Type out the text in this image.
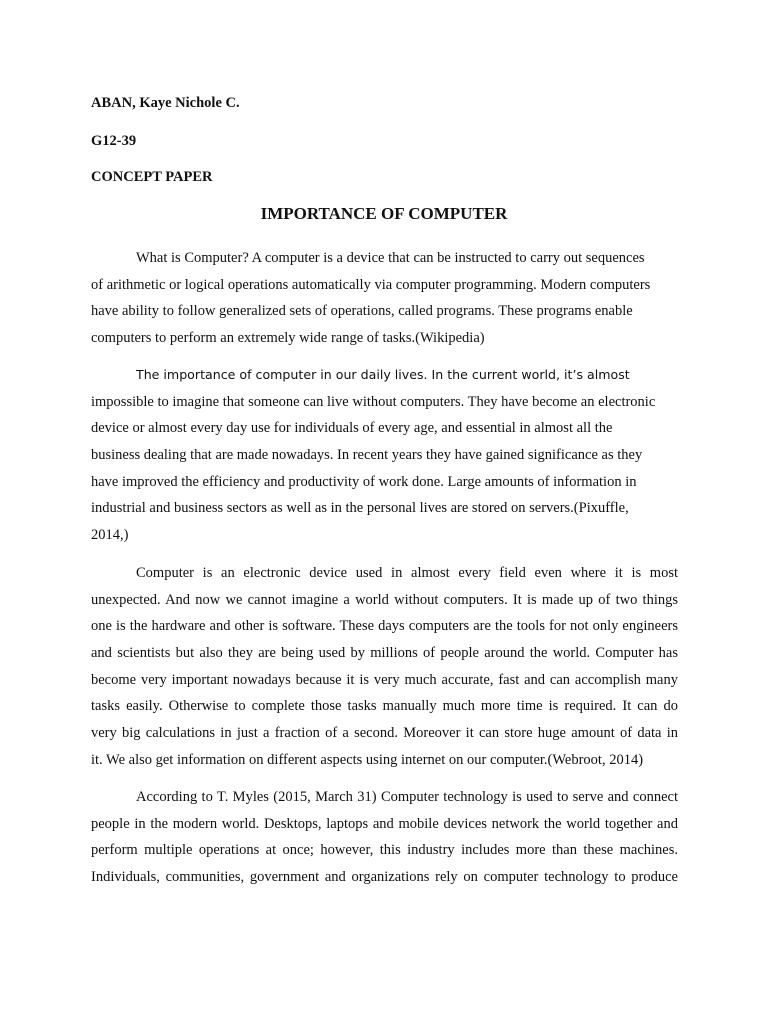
ABAN, Kaye Nichole C.
G12-39
CONCEPT PAPER
IMPORTANCE OF COMPUTER
What is Computer? A computer is a device that can be instructed to carry out sequences
of arithmetic or logical operations automatically via computer programming. Modern computers
have ability to follow generalized sets of operations, called programs. These programs enable
computers to perform an extremely wide range of tasks.(Wikipedia)
The importance of computer in our daily lives. In the current world, it’s almost
impossible to imagine that someone can live without computers. They have become an electronic
device or almost every day use for individuals of every age, and essential in almost all the
business dealing that are made nowadays. In recent years they have gained significance as they
have improved the efficiency and productivity of work done. Large amounts of information in
industrial and business sectors as well as in the personal lives are stored on servers.(Pixuffle,
2014,)
Computer is an electronic device used in almost every field even where it is most
unexpected. And now we cannot imagine a world without computers. It is made up of two things
one is the hardware and other is software. These days computers are the tools for not only engineers
and scientists but also they are being used by millions of people around the world. Computer has
become very important nowadays because it is very much accurate, fast and can accomplish many
tasks easily. Otherwise to complete those tasks manually much more time is required. It can do
very big calculations in just a fraction of a second. Moreover it can store huge amount of data in
it. We also get information on different aspects using internet on our computer.(Webroot, 2014)
According to T. Myles (2015, March 31) Computer technology is used to serve and connect
people in the modern world. Desktops, laptops and mobile devices network the world together and
perform multiple operations at once; however, this industry includes more than these machines.
Individuals, communities, government and organizations rely on computer technology to produce
